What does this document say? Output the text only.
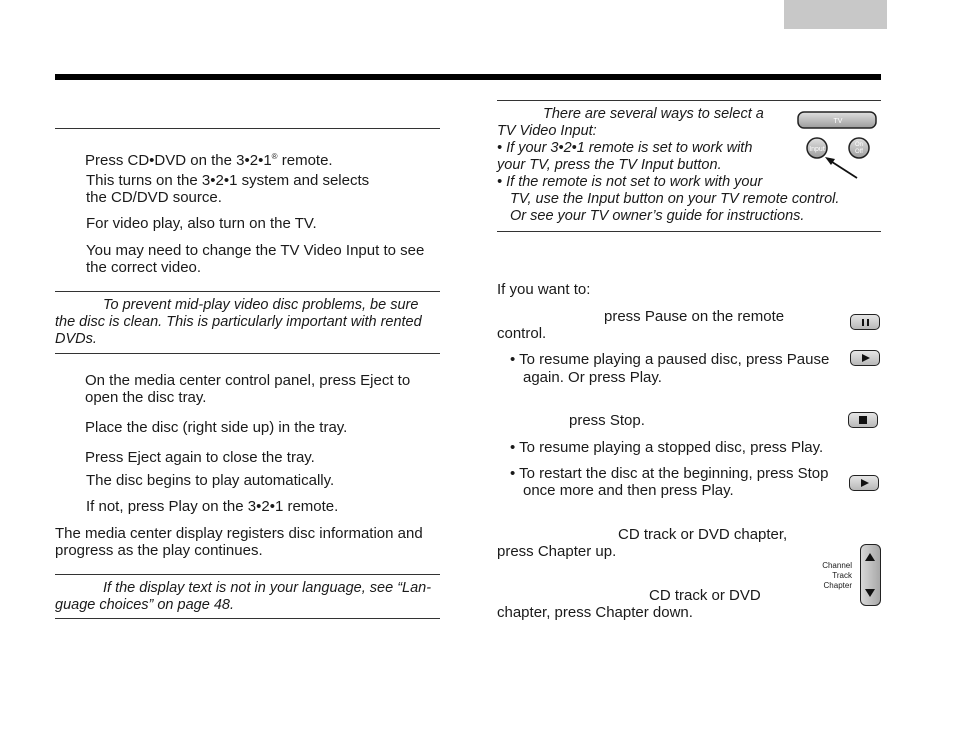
Press CD•DVD on the 3•2•1® remote.
This turns on the 3•2•1 system and selects
the CD/DVD source.
For video play, also turn on the TV.
You may need to change the TV Video Input to see
the correct video.
To prevent mid-play video disc problems, be sure
the disc is clean. This is particularly important with rented
DVDs.
On the media center control panel, press Eject to
open the disc tray.
Place the disc (right side up) in the tray.
Press Eject again to close the tray.
The disc begins to play automatically.
If not, press Play on the 3•2•1 remote.
The media center display registers disc information and
progress as the play continues.
If the display text is not in your language, see “Lan-
guage choices” on page 48.
There are several ways to select a
TV Video Input:
• If your 3•2•1 remote is set to work with
your TV, press the TV Input button.
• If the remote is not set to work with your
TV, use the Input button on your TV remote control.
Or see your TV owner’s guide for instructions.
TV
Input
On
Off
If you want to:
press Pause on the remote
control.
• To resume playing a paused disc, press Pause
again. Or press Play.
press Stop.
• To resume playing a stopped disc, press Play.
• To restart the disc at the beginning, press Stop
once more and then press Play.
CD track or DVD chapter,
press Chapter up.
CD track or DVD
chapter, press Chapter down.
Channel
Track
Chapter
